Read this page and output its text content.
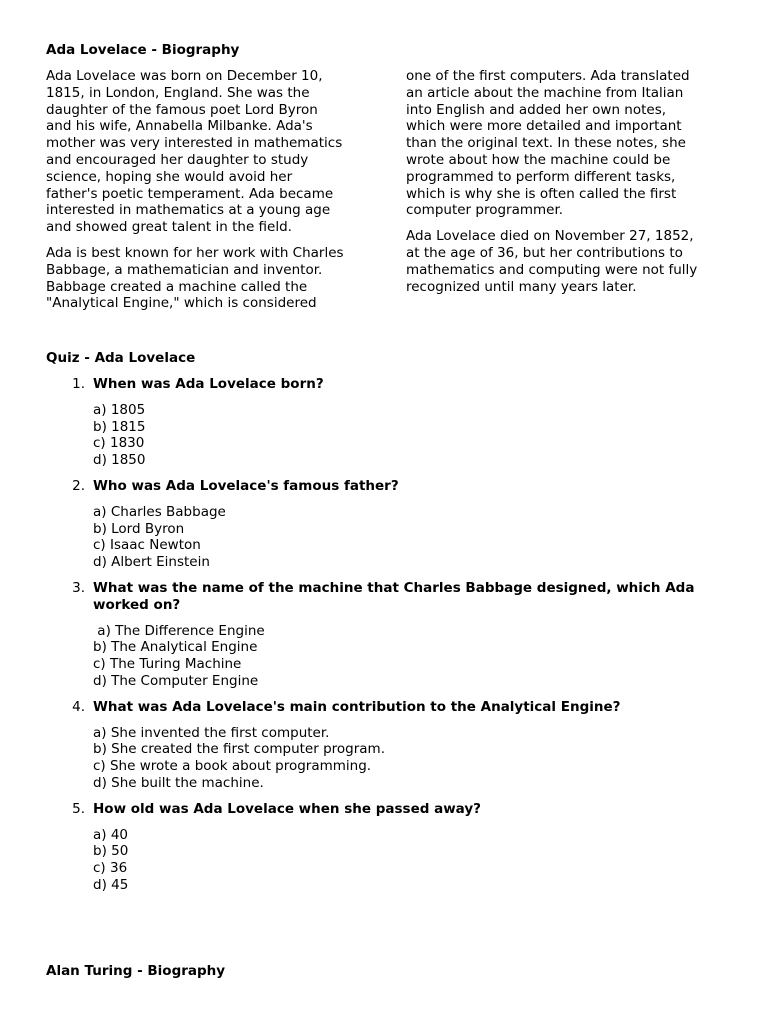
Ada Lovelace - Biography

Ada Lovelace was born on December 10,
1815, in London, England. She was the
daughter of the famous poet Lord Byron
and his wife, Annabella Milbanke. Ada's
mother was very interested in mathematics
and encouraged her daughter to study
science, hoping she would avoid her
father's poetic temperament. Ada became
interested in mathematics at a young age
and showed great talent in the field.

Ada is best known for her work with Charles
Babbage, a mathematician and inventor.
Babbage created a machine called the
"Analytical Engine," which is considered

one of the first computers. Ada translated
an article about the machine from Italian
into English and added her own notes,
which were more detailed and important
than the original text. In these notes, she
wrote about how the machine could be
programmed to perform different tasks,
which is why she is often called the first
computer programmer.

Ada Lovelace died on November 27, 1852,
at the age of 36, but her contributions to
mathematics and computing were not fully
recognized until many years later.

Quiz - Ada Lovelace
1. When was Ada Lovelace born?
a) 1805
b) 1815
c) 1830
d) 1850
2. Who was Ada Lovelace's famous father?
a) Charles Babbage
b) Lord Byron
c) Isaac Newton
d) Albert Einstein
3. What was the name of the machine that Charles Babbage designed, which Ada worked on?
a) The Difference Engine
b) The Analytical Engine
c) The Turing Machine
d) The Computer Engine
4. What was Ada Lovelace's main contribution to the Analytical Engine?
a) She invented the first computer.
b) She created the first computer program.
c) She wrote a book about programming.
d) She built the machine.
5. How old was Ada Lovelace when she passed away?
a) 40
b) 50
c) 36
d) 45
Alan Turing - Biography
